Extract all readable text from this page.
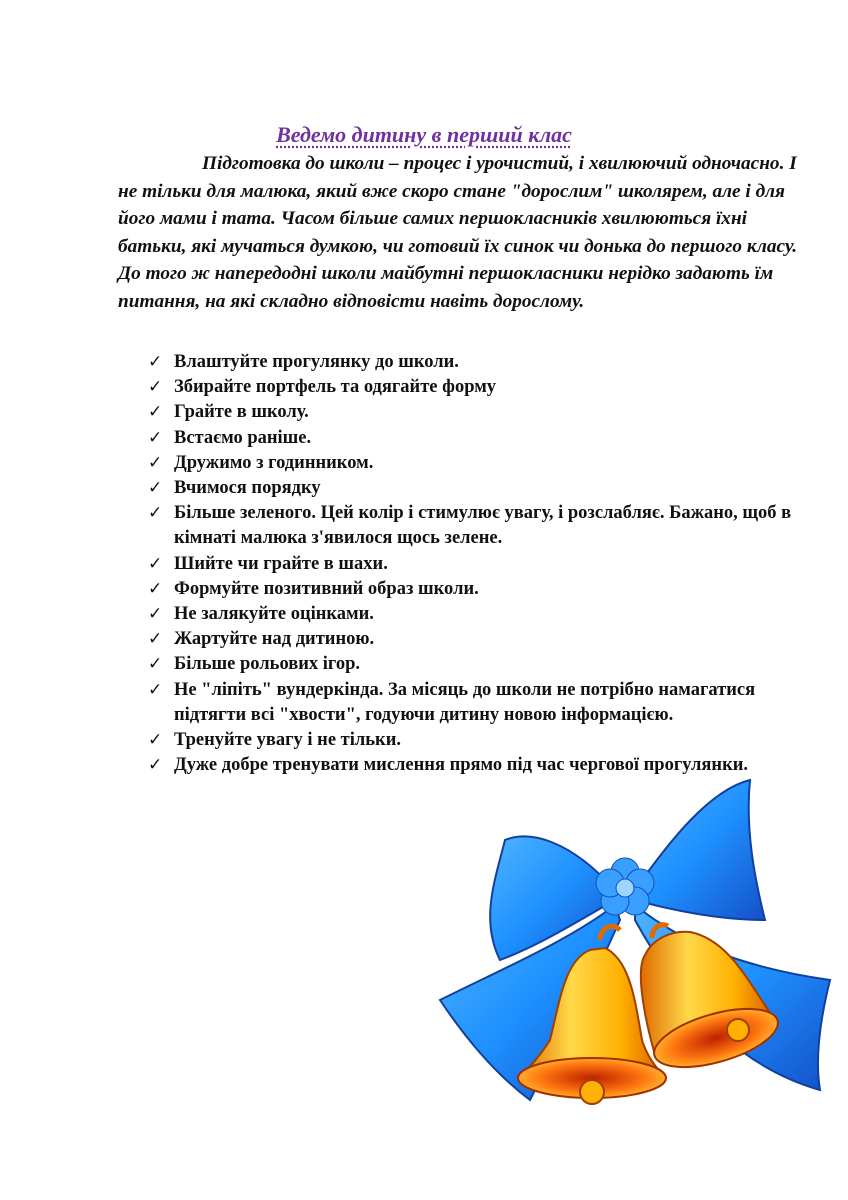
Ведемо дитину в перший клас

Підготовка до школи – процес і урочистий, і хвилюючий одночасно. І не тільки для малюка, який вже скоро стане "дорослим" школярем, але і для його мами і тата. Часом більше самих першокласників хвилюються їхні батьки, які мучаться думкою, чи готовий їх синок чи донька до першого класу. До того ж напередодні школи майбутні першокласники нерідко задають їм питання, на які складно відповісти навіть дорослому.

✓ Влаштуйте прогулянку до школи.
✓ Збирайте портфель та одягайте форму
✓ Грайте в школу.
✓ Встаємо раніше.
✓ Дружимо з годинником.
✓ Вчимося порядку
✓ Більше зеленого. Цей колір і стимулює увагу, і розслабляє. Бажано, щоб в кімнаті малюка з'явилося щось зелене.
✓ Шийте чи грайте в шахи.
✓ Формуйте позитивний образ школи.
✓ Не залякуйте оцінками.
✓ Жартуйте над дитиною.
✓ Більше рольових ігор.
✓ Не "ліпіть" вундеркінда. За місяць до школи не потрібно намагатися підтягти всі "хвости", годуючи дитину новою інформацією.
✓ Тренуйте увагу і не тільки.
✓ Дуже добре тренувати мислення прямо під час чергової прогулянки.
